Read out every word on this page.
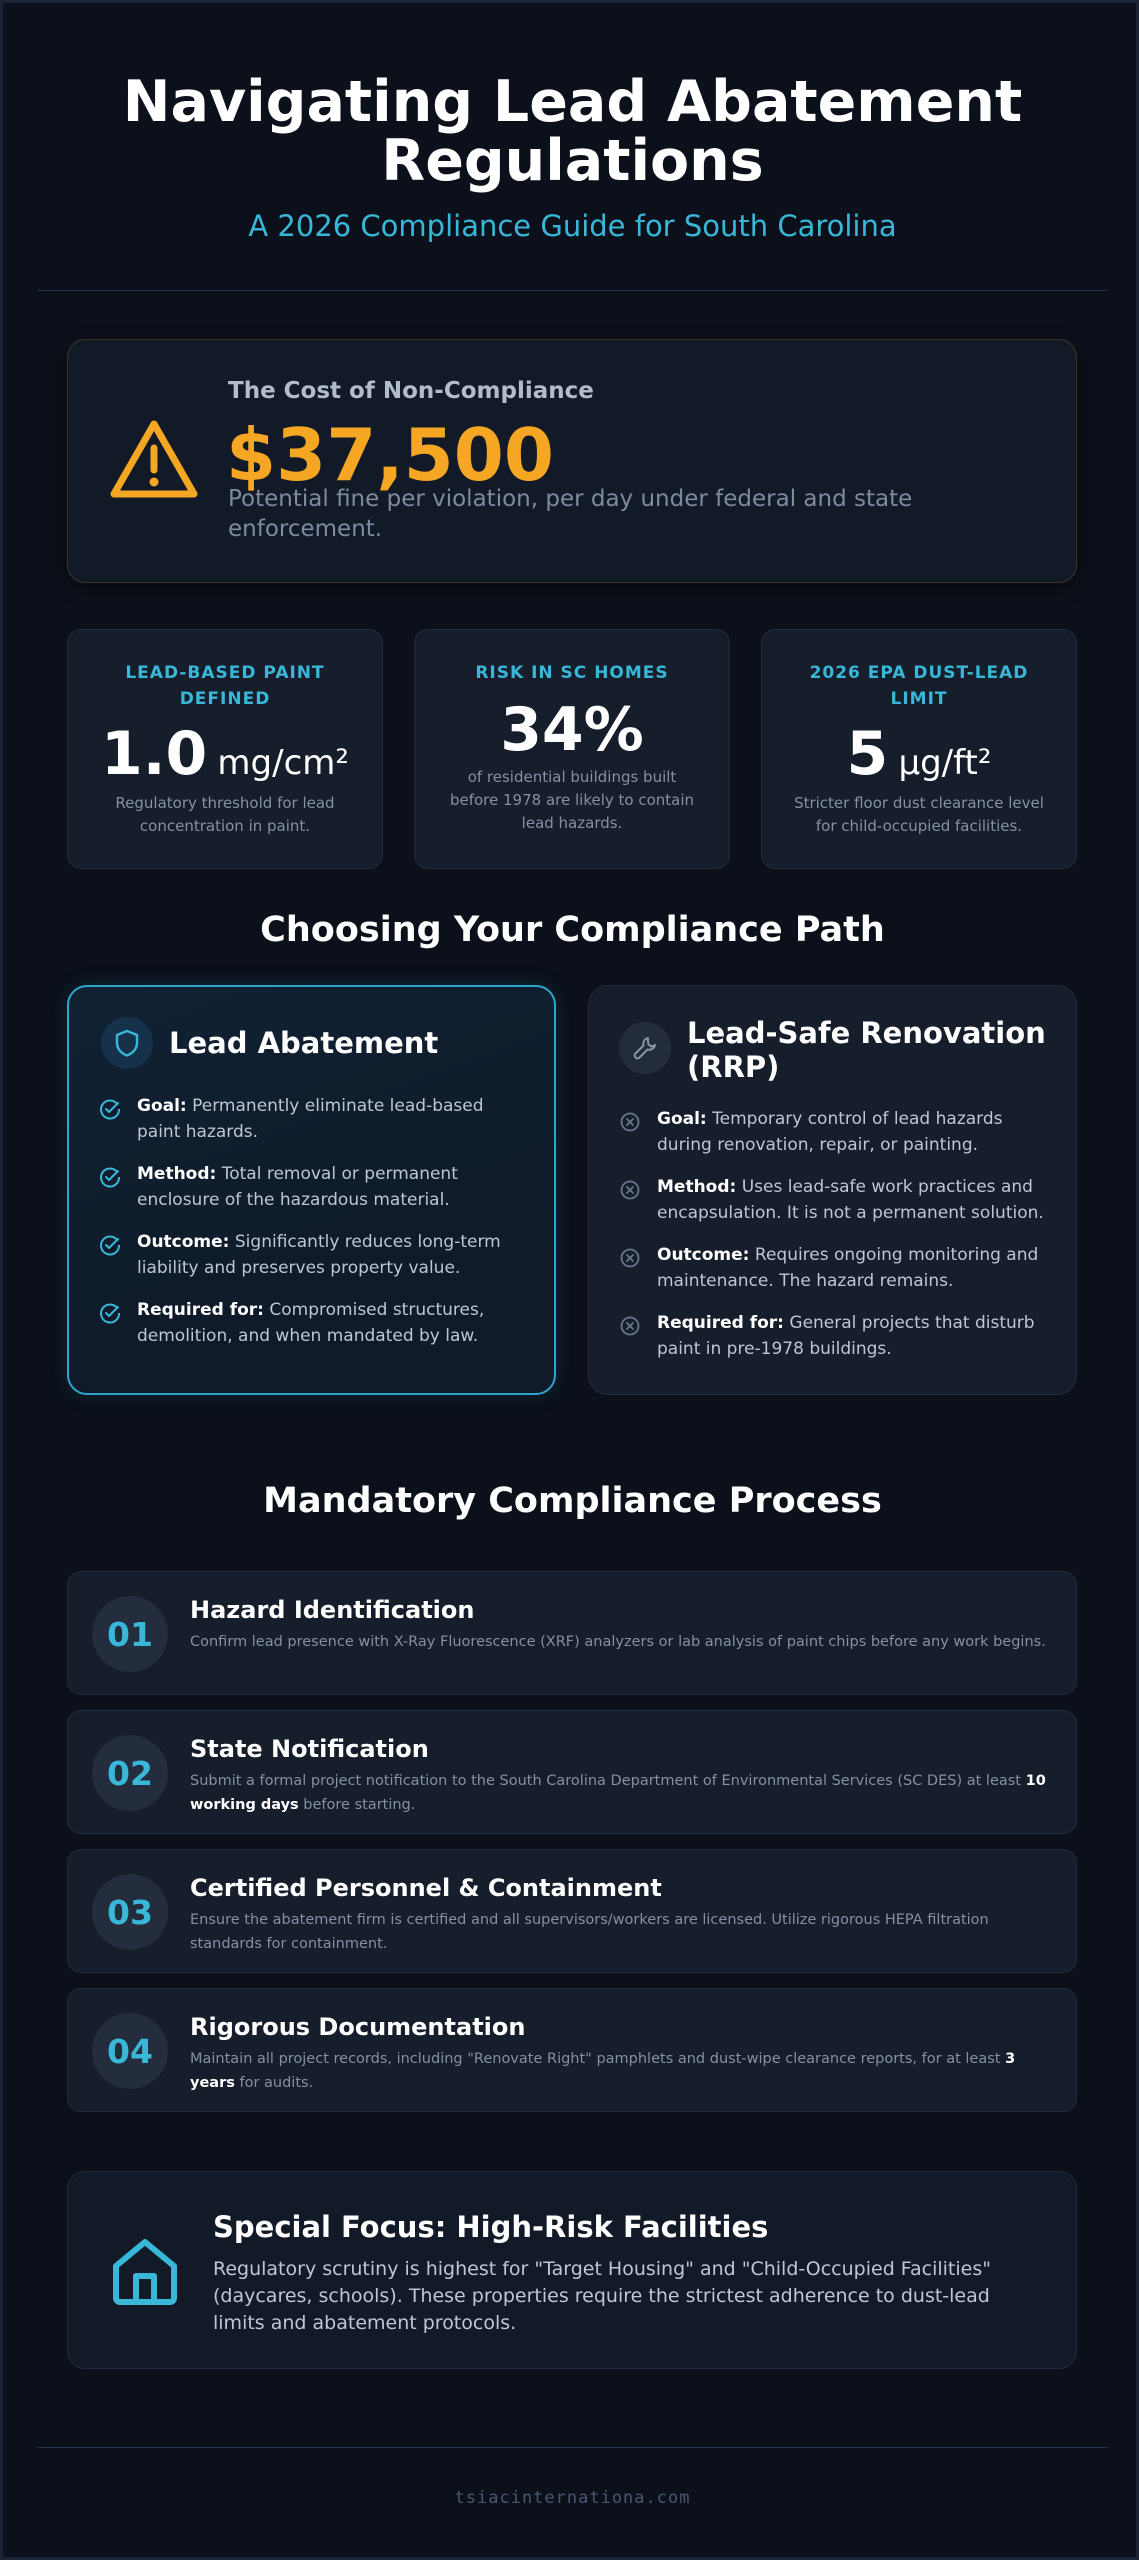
Navigating Lead Abatement
Regulations
A 2026 Compliance Guide for South Carolina
The Cost of Non-Compliance
$37,500
Potential fine per violation, per day under federal and state enforcement.
LEAD-BASED PAINT DEFINED
1.0 mg/cm²
Regulatory threshold for lead concentration in paint.
RISK IN SC HOMES
34%
of residential buildings built before 1978 are likely to contain lead hazards.
2026 EPA DUST-LEAD LIMIT
5 µg/ft²
Stricter floor dust clearance level for child-occupied facilities.
Choosing Your Compliance Path
Lead Abatement
Goal: Permanently eliminate lead-based paint hazards.
Method: Total removal or permanent enclosure of the hazardous material.
Outcome: Significantly reduces long-term liability and preserves property value.
Required for: Compromised structures, demolition, and when mandated by law.
Lead-Safe Renovation (RRP)
Goal: Temporary control of lead hazards during renovation, repair, or painting.
Method: Uses lead-safe work practices and encapsulation. It is not a permanent solution.
Outcome: Requires ongoing monitoring and maintenance. The hazard remains.
Required for: General projects that disturb paint in pre-1978 buildings.
Mandatory Compliance Process
01
Hazard Identification
Confirm lead presence with X-Ray Fluorescence (XRF) analyzers or lab analysis of paint chips before any work begins.
02
State Notification
Submit a formal project notification to the South Carolina Department of Environmental Services (SC DES) at least 10 working days before starting.
03
Certified Personnel & Containment
Ensure the abatement firm is certified and all supervisors/workers are licensed. Utilize rigorous HEPA filtration standards for containment.
04
Rigorous Documentation
Maintain all project records, including "Renovate Right" pamphlets and dust-wipe clearance reports, for at least 3 years for audits.
Special Focus: High-Risk Facilities
Regulatory scrutiny is highest for "Target Housing" and "Child-Occupied Facilities" (daycares, schools). These properties require the strictest adherence to dust-lead limits and abatement protocols.
tsiacinternationa.com
